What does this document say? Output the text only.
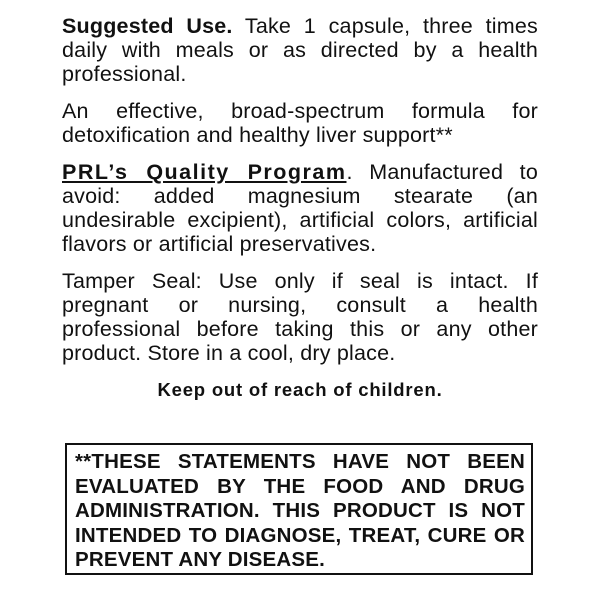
Suggested Use. Take 1 capsule, three times daily with meals or as directed by a health professional.

An effective, broad-spectrum formula for detoxification and healthy liver support**

PRL’s Quality Program. Manufactured to avoid: added magnesium stearate (an undesirable excipient), artificial colors, artificial flavors or artificial preservatives.

Tamper Seal: Use only if seal is intact. If pregnant or nursing, consult a health professional before taking this or any other product. Store in a cool, dry place.

Keep out of reach of children.
**THESE STATEMENTS HAVE NOT BEEN EVALUATED BY THE FOOD AND DRUG ADMINISTRATION. THIS PRODUCT IS NOT INTENDED TO DIAGNOSE, TREAT, CURE OR PREVENT ANY DISEASE.
